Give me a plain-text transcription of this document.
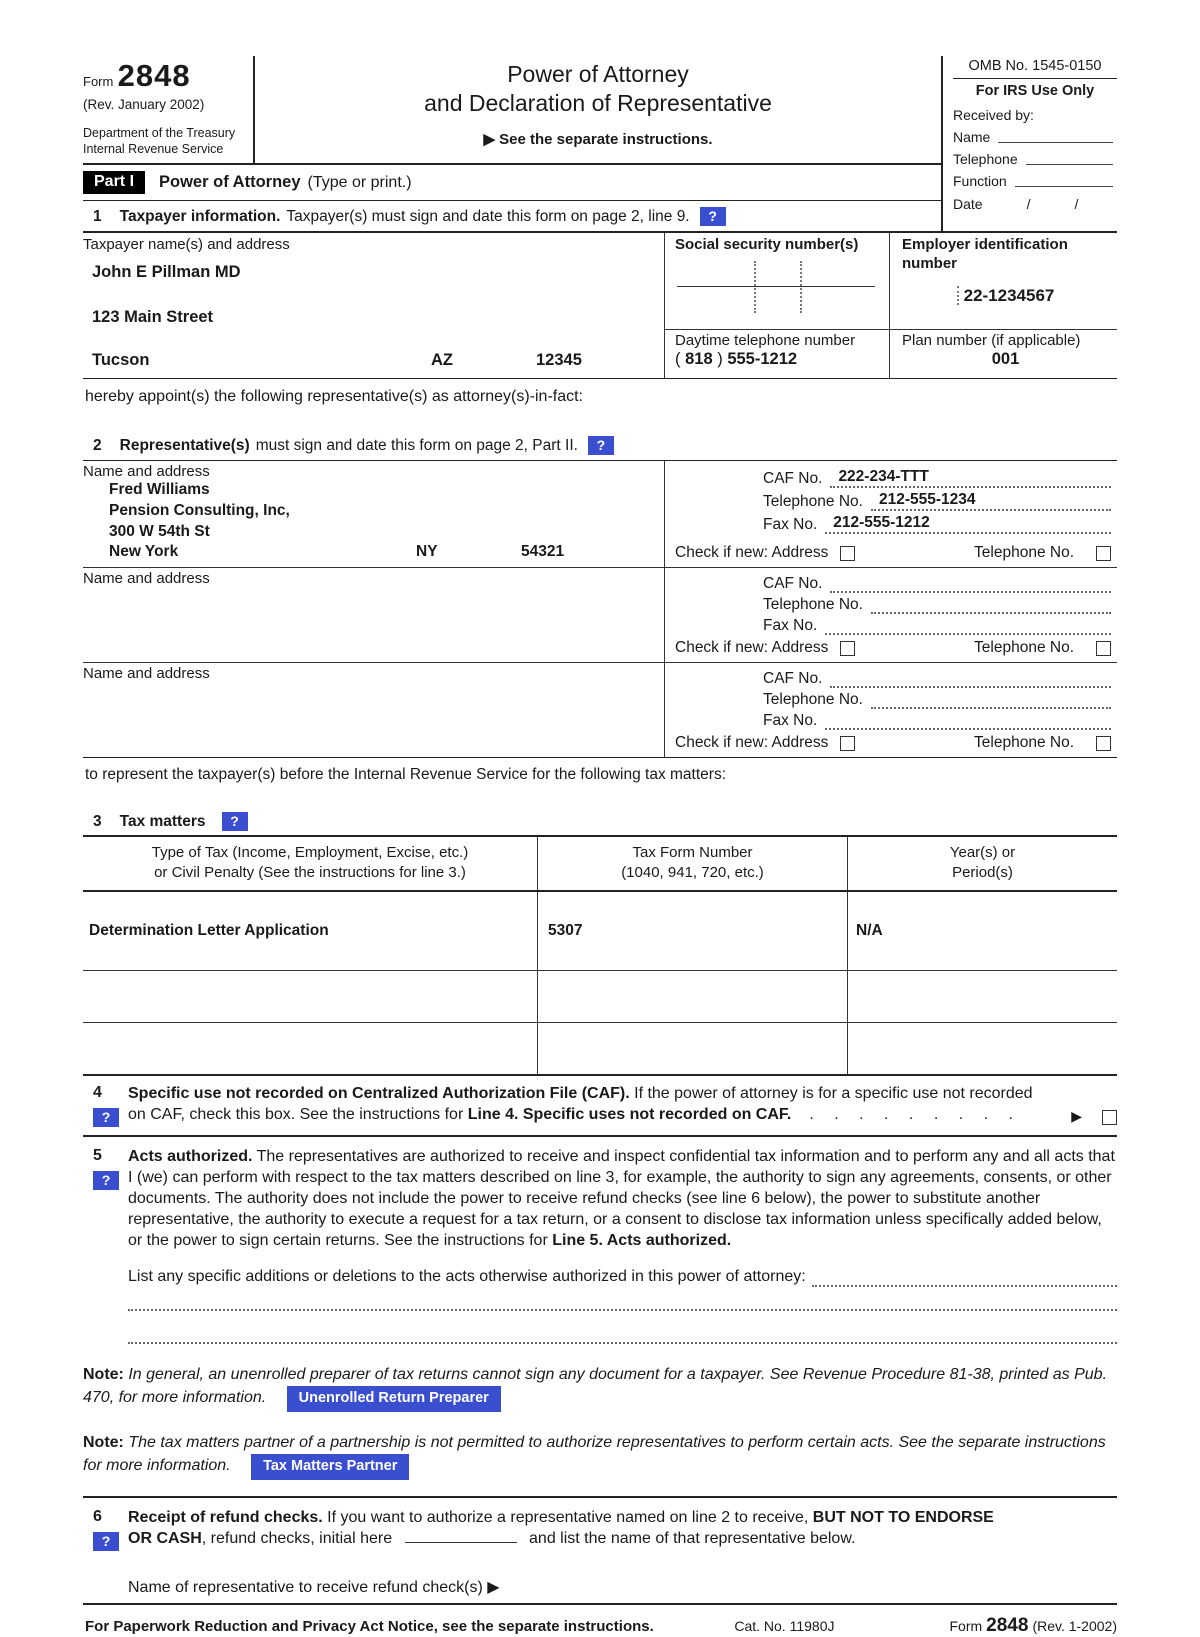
Form 2848
(Rev. January 2002)
Department of the Treasury
Internal Revenue Service
Power of Attorney
and Declaration of Representative
▶ See the separate instructions.
Part I	Power of Attorney (Type or print.)
1 Taxpayer information. Taxpayer(s) must sign and date this form on page 2, line 9.	?
OMB No. 1545-0150
For IRS Use Only
Received by:
Name
Telephone
Function
Date	/	/
Taxpayer name(s) and address
John E Pillman MD
123 Main Street
Tucson	AZ	12345
Social security number(s)	Employer identification number
22-1234567
Daytime telephone number
( 818 ) 555-1212
Plan number (if applicable)
001
hereby appoint(s) the following representative(s) as attorney(s)-in-fact:
2 Representative(s) must sign and date this form on page 2, Part II.	?
Name and address
Fred Williams
Pension Consulting, Inc,
300 W 54th St
New York	NY	54321
CAF No.	222-234-TTT
Telephone No.	212-555-1234
Fax No.	212-555-1212
Check if new: Address	Telephone No.
Name and address	CAF No.
Telephone No.
Fax No.
Check if new: Address	Telephone No.
Name and address	CAF No.
Telephone No.
Fax No.
Check if new: Address	Telephone No.
to represent the taxpayer(s) before the Internal Revenue Service for the following tax matters:
3 Tax matters	?
Type of Tax (Income, Employment, Excise, etc.)
or Civil Penalty (See the instructions for line 3.)
Tax Form Number
(1040, 941, 720, etc.)
Year(s) or
Period(s)
Determination Letter Application	5307	N/A
4
?
Specific use not recorded on Centralized Authorization File (CAF). If the power of attorney is for a specific use not recorded
on CAF, check this box. See the instructions for
Line 4. Specific uses not recorded on CAF. . . . . . . . . .	▶
5
?
Acts authorized. The representatives are authorized to receive and inspect confidential tax information and to perform any and all acts that I (we) can perform with respect to the tax matters described on line 3, for example, the authority to sign any agreements, consents, or other documents. The authority does not include the power to receive refund checks (see line 6 below), the power to substitute another representative, the authority to execute a request for a tax return, or a consent to disclose tax information unless specifically added below, or the power to sign certain returns. See the instructions for Line 5. Acts authorized.
List any specific additions or deletions to the acts otherwise authorized in this power of attorney:
Note: In general, an unenrolled preparer of tax returns cannot sign any document for a taxpayer. See Revenue Procedure 81-38, printed as Pub. 470, for more information. Unenrolled Return Preparer
Note: The tax matters partner of a partnership is not permitted to authorize representatives to perform certain acts. See the separate instructions for more information. Tax Matters Partner
6
?
Receipt of refund checks. If you want to authorize a representative named on line 2 to receive, BUT NOT TO ENDORSE
OR CASH, refund checks, initial here	and list the name of that representative below.
Name of representative to receive refund check(s) ▶
For Paperwork Reduction and Privacy Act Notice, see the separate instructions.	Cat. No. 11980J	Form 2848 (Rev. 1-2002)
